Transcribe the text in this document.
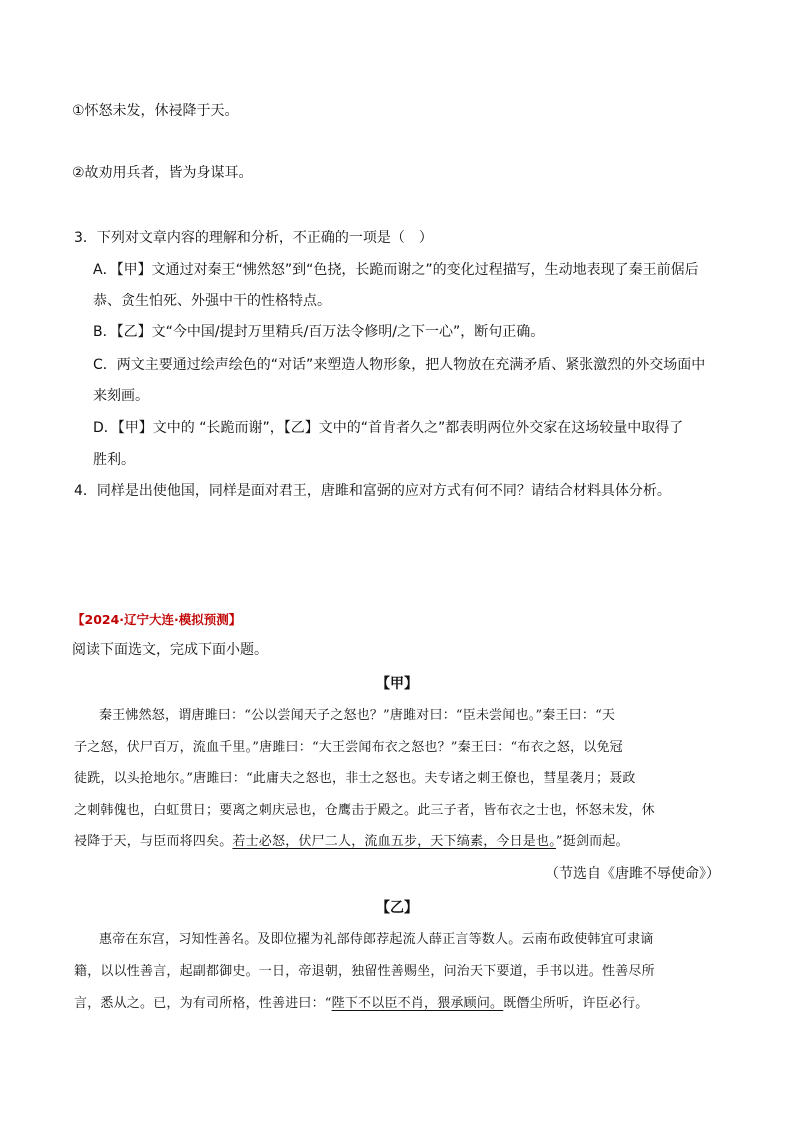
①怀怒未发，休祲降于天。
②故劝用兵者，皆为身谋耳。
3．下列对文章内容的理解和分析，不正确的一项是（　）
A．【甲】文通过对秦王“怫然怒”到“色挠，长跪而谢之”的变化过程描写，生动地表现了秦王前倨后
恭、贪生怕死、外强中干的性格特点。
B．【乙】文“今中国/提封万里精兵/百万法令修明/之下一心”，断句正确。
C．两文主要通过绘声绘色的“对话”来塑造人物形象，把人物放在充满矛盾、紧张激烈的外交场面中
来刻画。
D．【甲】文中的 “长跪而谢”，【乙】文中的“首肯者久之”都表明两位外交家在这场较量中取得了
胜利。
4．同样是出使他国，同样是面对君王，唐雎和富弼的应对方式有何不同？请结合材料具体分析。
【2024·辽宁大连·模拟预测】
阅读下面选文，完成下面小题。
【甲】
秦王怫然怒，谓唐雎曰：“公以尝闻天子之怒也？”唐雎对曰：“臣未尝闻也。”秦王曰：“天
子之怒，伏尸百万，流血千里。”唐雎曰：“大王尝闻布衣之怒也？”秦王曰：“布衣之怒，以免冠
徒跣，以头抢地尔。”唐雎曰：“此庸夫之怒也，非士之怒也。夫专诸之刺王僚也，彗星袭月；聂政
之刺韩傀也，白虹贯日；要离之刺庆忌也，仓鹰击于殿之。此三子者，皆布衣之士也，怀怒未发，休
祲降于天，与臣而将四矣。若士必怒，伏尸二人，流血五步，天下缟素，今日是也。”挺剑而起。
（节选自《唐雎不辱使命》）
【乙】
惠帝在东宫，习知性善名。及即位擢为礼部侍郎荐起流人薛正言等数人。云南布政使韩宜可隶谪
籍，以以性善言，起副都御史。一日，帝退朝，独留性善赐坐，问治天下要道，手书以进。性善尽所
言，悉从之。已，为有司所格，性善进曰：“陛下不以臣不肖，猥承顾问。既僭尘所听，许臣必行。
